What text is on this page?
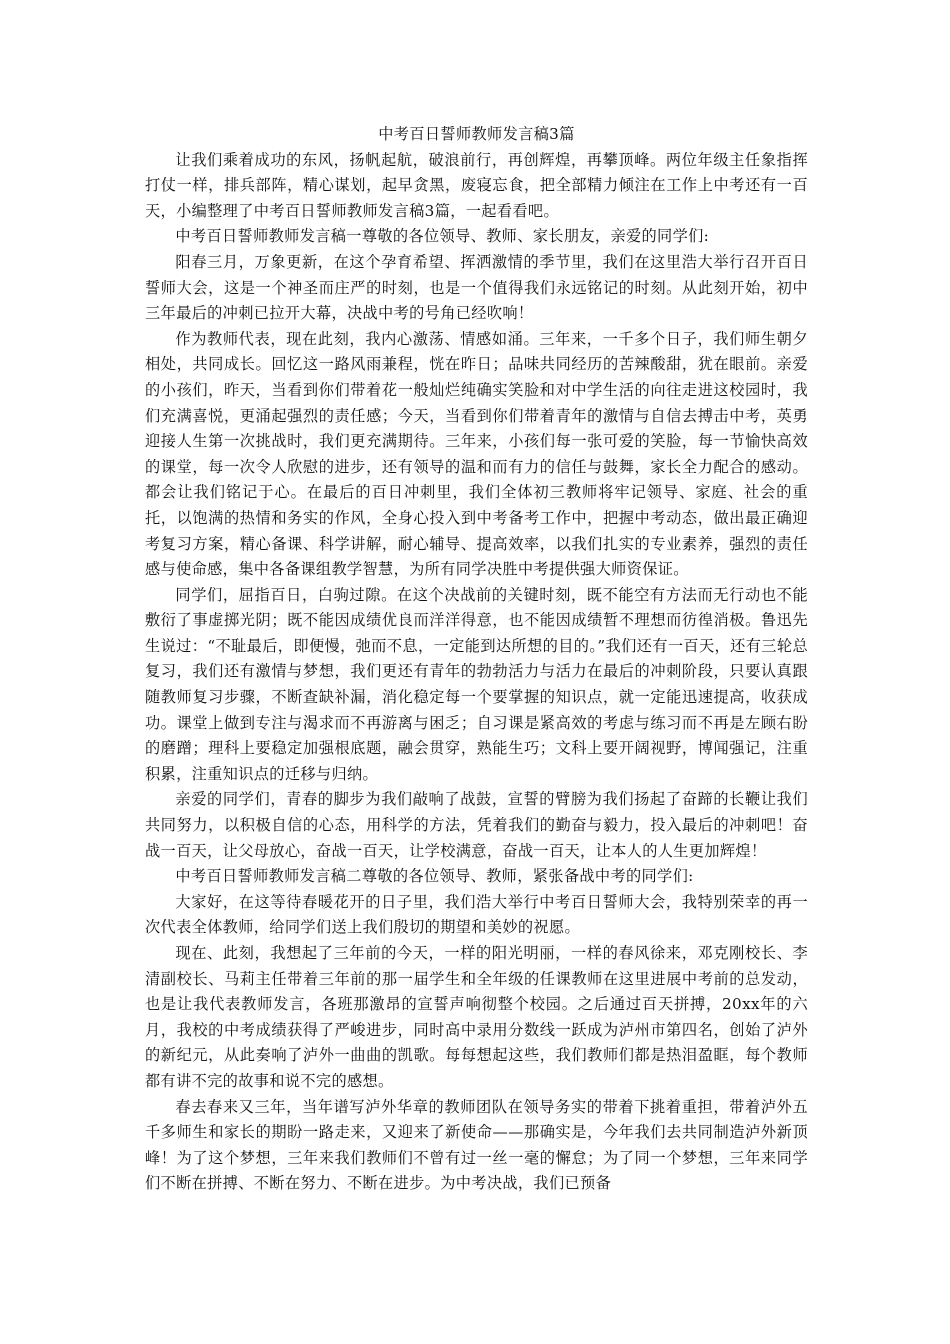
中考百日誓师教师发言稿3篇

让我们乘着成功的东风，扬帆起航，破浪前行，再创辉煌，再攀顶峰。两位年级主任象指挥打仗一样，排兵部阵，精心谋划，起早贪黑，废寝忘食，把全部精力倾注在工作上中考还有一百天，小编整理了中考百日誓师教师发言稿3篇，一起看看吧。

中考百日誓师教师发言稿一尊敬的各位领导、教师、家长朋友，亲爱的同学们:

阳春三月，万象更新，在这个孕育希望、挥洒激情的季节里，我们在这里浩大举行召开百日誓师大会，这是一个神圣而庄严的时刻，也是一个值得我们永远铭记的时刻。从此刻开始，初中三年最后的冲刺已拉开大幕，决战中考的号角已经吹响！

作为教师代表，现在此刻，我内心激荡、情感如涌。三年来，一千多个日子，我们师生朝夕相处，共同成长。回忆这一路风雨兼程，恍在昨日；品味共同经历的苦辣酸甜，犹在眼前。亲爱的小孩们，昨天，当看到你们带着花一般灿烂纯确实笑脸和对中学生活的向往走进这校园时，我们充满喜悦，更涌起强烈的责任感；今天，当看到你们带着青年的激情与自信去搏击中考，英勇迎接人生第一次挑战时，我们更充满期待。三年来，小孩们每一张可爱的笑脸，每一节愉快高效的课堂，每一次令人欣慰的进步，还有领导的温和而有力的信任与鼓舞，家长全力配合的感动。都会让我们铭记于心。在最后的百日冲刺里，我们全体初三教师将牢记领导、家庭、社会的重托，以饱满的热情和务实的作风，全身心投入到中考备考工作中，把握中考动态，做出最正确迎考复习方案，精心备课、科学讲解，耐心辅导、提高效率，以我们扎实的专业素养，强烈的责任感与使命感，集中各备课组教学智慧，为所有同学决胜中考提供强大师资保证。

同学们，屈指百日，白驹过隙。在这个决战前的关键时刻，既不能空有方法而无行动也不能敷衍了事虚掷光阴；既不能因成绩优良而洋洋得意，也不能因成绩暂不理想而彷徨消极。鲁迅先生说过：“不耻最后，即便慢，弛而不息，一定能到达所想的目的。”我们还有一百天，还有三轮总复习，我们还有激情与梦想，我们更还有青年的勃勃活力与活力在最后的冲刺阶段，只要认真跟随教师复习步骤，不断查缺补漏，消化稳定每一个要掌握的知识点，就一定能迅速提高，收获成功。课堂上做到专注与渴求而不再游离与困乏；自习课是紧高效的考虑与练习而不再是左顾右盼的磨蹭；理科上要稳定加强根底题，融会贯穿，熟能生巧；文科上要开阔视野，博闻强记，注重积累，注重知识点的迁移与归纳。

亲爱的同学们，青春的脚步为我们敲响了战鼓，宣誓的臂膀为我们扬起了奋蹄的长鞭让我们共同努力，以积极自信的心态，用科学的方法，凭着我们的勤奋与毅力，投入最后的冲刺吧！奋战一百天，让父母放心，奋战一百天，让学校满意，奋战一百天，让本人的人生更加辉煌！

中考百日誓师教师发言稿二尊敬的各位领导、教师，紧张备战中考的同学们:

大家好，在这等待春暖花开的日子里，我们浩大举行中考百日誓师大会，我特别荣幸的再一次代表全体教师，给同学们送上我们殷切的期望和美妙的祝愿。

现在、此刻，我想起了三年前的今天，一样的阳光明丽，一样的春风徐来，邓克刚校长、李清副校长、马莉主任带着三年前的那一届学生和全年级的任课教师在这里进展中考前的总发动，也是让我代表教师发言，各班那激昂的宣誓声响彻整个校园。之后通过百天拼搏，20xx年的六月，我校的中考成绩获得了严峻进步，同时高中录用分数线一跃成为泸州市第四名，创始了泸外的新纪元，从此奏响了泸外一曲曲的凯歌。每每想起这些，我们教师们都是热泪盈眶，每个教师都有讲不完的故事和说不完的感想。

春去春来又三年，当年谱写泸外华章的教师团队在领导务实的带着下挑着重担，带着泸外五千多师生和家长的期盼一路走来，又迎来了新使命——那确实是，今年我们去共同制造泸外新顶峰！为了这个梦想，三年来我们教师们不曾有过一丝一毫的懈怠；为了同一个梦想，三年来同学们不断在拼搏、不断在努力、不断在进步。为中考决战，我们已预备
